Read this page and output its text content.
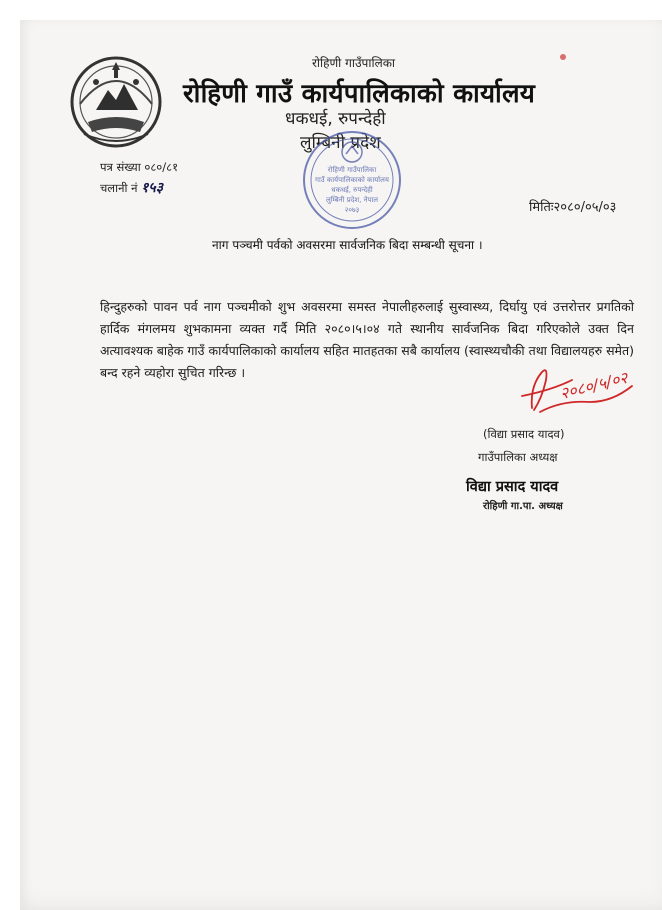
रोहिणी गाउँपालिका
रोहिणी गाउँ कार्यपालिकाको कार्यालय
धकधई, रुपन्देही
लुम्बिनी प्रदेश
रोहिणी गाउँपालिका
गाउँ कार्यपालिकाको कार्यालय
धकधई, रुपन्देही
लुम्बिनी प्रदेश, नेपाल
२०७३
पत्र संख्या ०८०/८१
चलानी नं १५३
मितिः२०८०/०५/०३
नाग पञ्चमी पर्वको अवसरमा सार्वजनिक बिदा सम्बन्धी सूचना ।
हिन्दुहरुको पावन पर्व नाग पञ्चमीको शुभ अवसरमा समस्त नेपालीहरुलाई सुस्वास्थ्य, दिर्घायु एवं उत्तरोत्तर प्रगतिको हार्दिक मंगलमय शुभकामना व्यक्त गर्दै मिति २०८०।५।०४ गते स्थानीय सार्वजनिक बिदा गरिएकोले उक्त दिन अत्यावश्यक बाहेक गाउँ कार्यपालिकाको कार्यालय सहित मातहतका सबै कार्यालय (स्वास्थ्यचौकी तथा विद्यालयहरु समेत) बन्द रहने व्यहोरा सुचित गरिन्छ ।	२०८०/५/०२
(विद्या प्रसाद यादव)
गाउँपालिका अध्यक्ष
विद्या प्रसाद यादव
रोहिणी गा.पा. अध्यक्ष
